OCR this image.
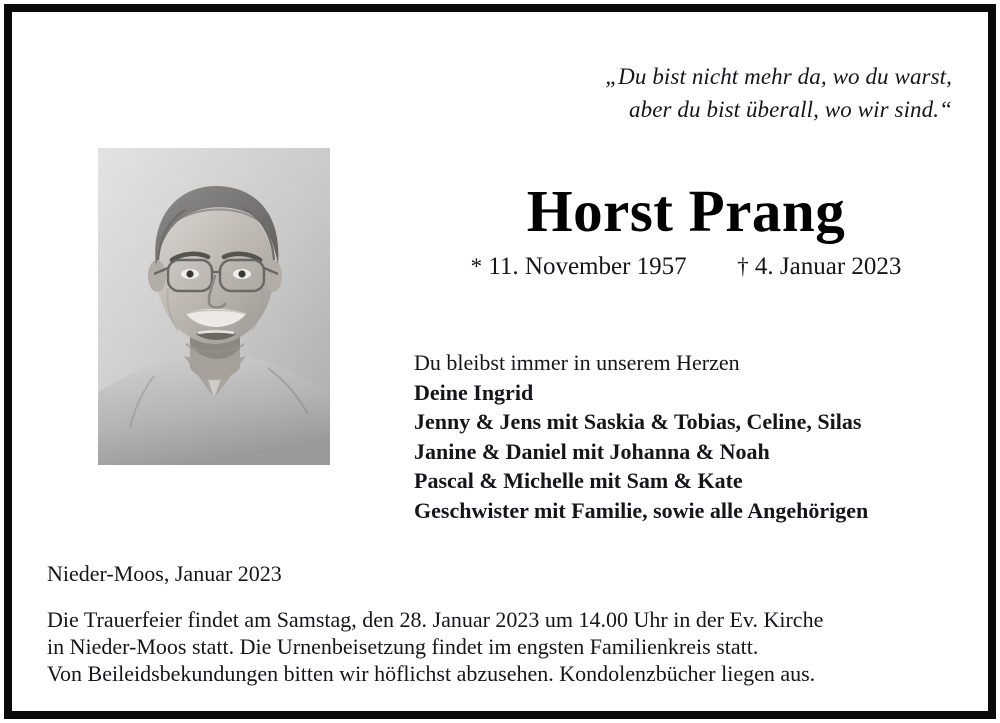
„Du bist nicht mehr da, wo du warst,
aber du bist überall, wo wir sind.“
Horst Prang
* 11. November 1957 † 4. Januar 2023
Du bleibst immer in unserem Herzen
Deine Ingrid
Jenny & Jens mit Saskia & Tobias, Celine, Silas
Janine & Daniel mit Johanna & Noah
Pascal & Michelle mit Sam & Kate
Geschwister mit Familie, sowie alle Angehörigen
Nieder-Moos, Januar 2023
Die Trauerfeier findet am Samstag, den 28. Januar 2023 um 14.00 Uhr in der Ev. Kirche
in Nieder-Moos statt. Die Urnenbeisetzung findet im engsten Familienkreis statt.
Von Beileidsbekundungen bitten wir höflichst abzusehen. Kondolenzbücher liegen aus.
